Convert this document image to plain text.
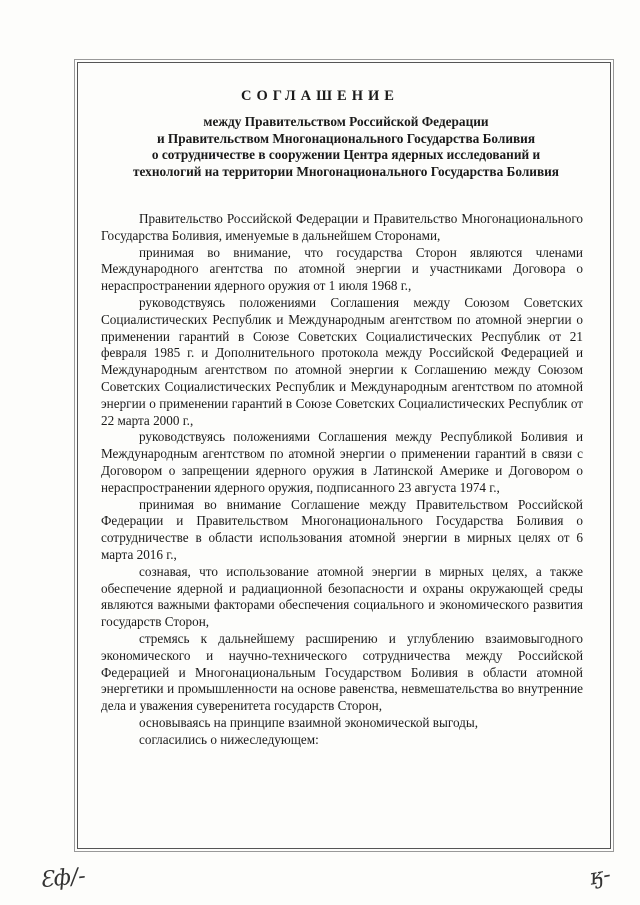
СОГЛАШЕНИЕ
между Правительством Российской Федерации
и Правительством Многонационального Государства Боливия
о сотрудничестве в сооружении Центра ядерных исследований и
технологий на территории Многонационального Государства Боливия

Правительство Российской Федерации и Правительство Многонационального Государства Боливия, именуемые в дальнейшем Сторонами,

принимая во внимание, что государства Сторон являются членами Международного агентства по атомной энергии и участниками Договора о нераспространении ядерного оружия от 1 июля 1968 г.,

руководствуясь положениями Соглашения между Союзом Советских Социалистических Республик и Международным агентством по атомной энергии о применении гарантий в Союзе Советских Социалистических Республик от 21 февраля 1985 г. и Дополнительного протокола между Российской Федерацией и Международным агентством по атомной энергии к Соглашению между Союзом Советских Социалистических Республик и Международным агентством по атомной энергии о применении гарантий в Союзе Советских Социалистических Республик от 22 марта 2000 г.,

руководствуясь положениями Соглашения между Республикой Боливия и Международным агентством по атомной энергии о применении гарантий в связи с Договором о запрещении ядерного оружия в Латинской Америке и Договором о нераспространении ядерного оружия, подписанного 23 августа 1974 г.,

принимая во внимание Соглашение между Правительством Российской Федерации и Правительством Многонационального Государства Боливия о сотрудничестве в области использования атомной энергии в мирных целях от 6 марта 2016 г.,

сознавая, что использование атомной энергии в мирных целях, а также обеспечение ядерной и радиационной безопасности и охраны окружающей среды являются важными факторами обеспечения социального и экономического развития государств Сторон,

стремясь к дальнейшему расширению и углублению взаимовыгодного экономического и научно-технического сотрудничества между Российской Федерацией и Многонациональным Государством Боливия в области атомной энергетики и промышленности на основе равенства, невмешательства во внутренние дела и уважения суверенитета государств Сторон,

основываясь на принципе взаимной экономической выгоды,

согласились о нижеследующем:

Ɛф/-	ӄ-
